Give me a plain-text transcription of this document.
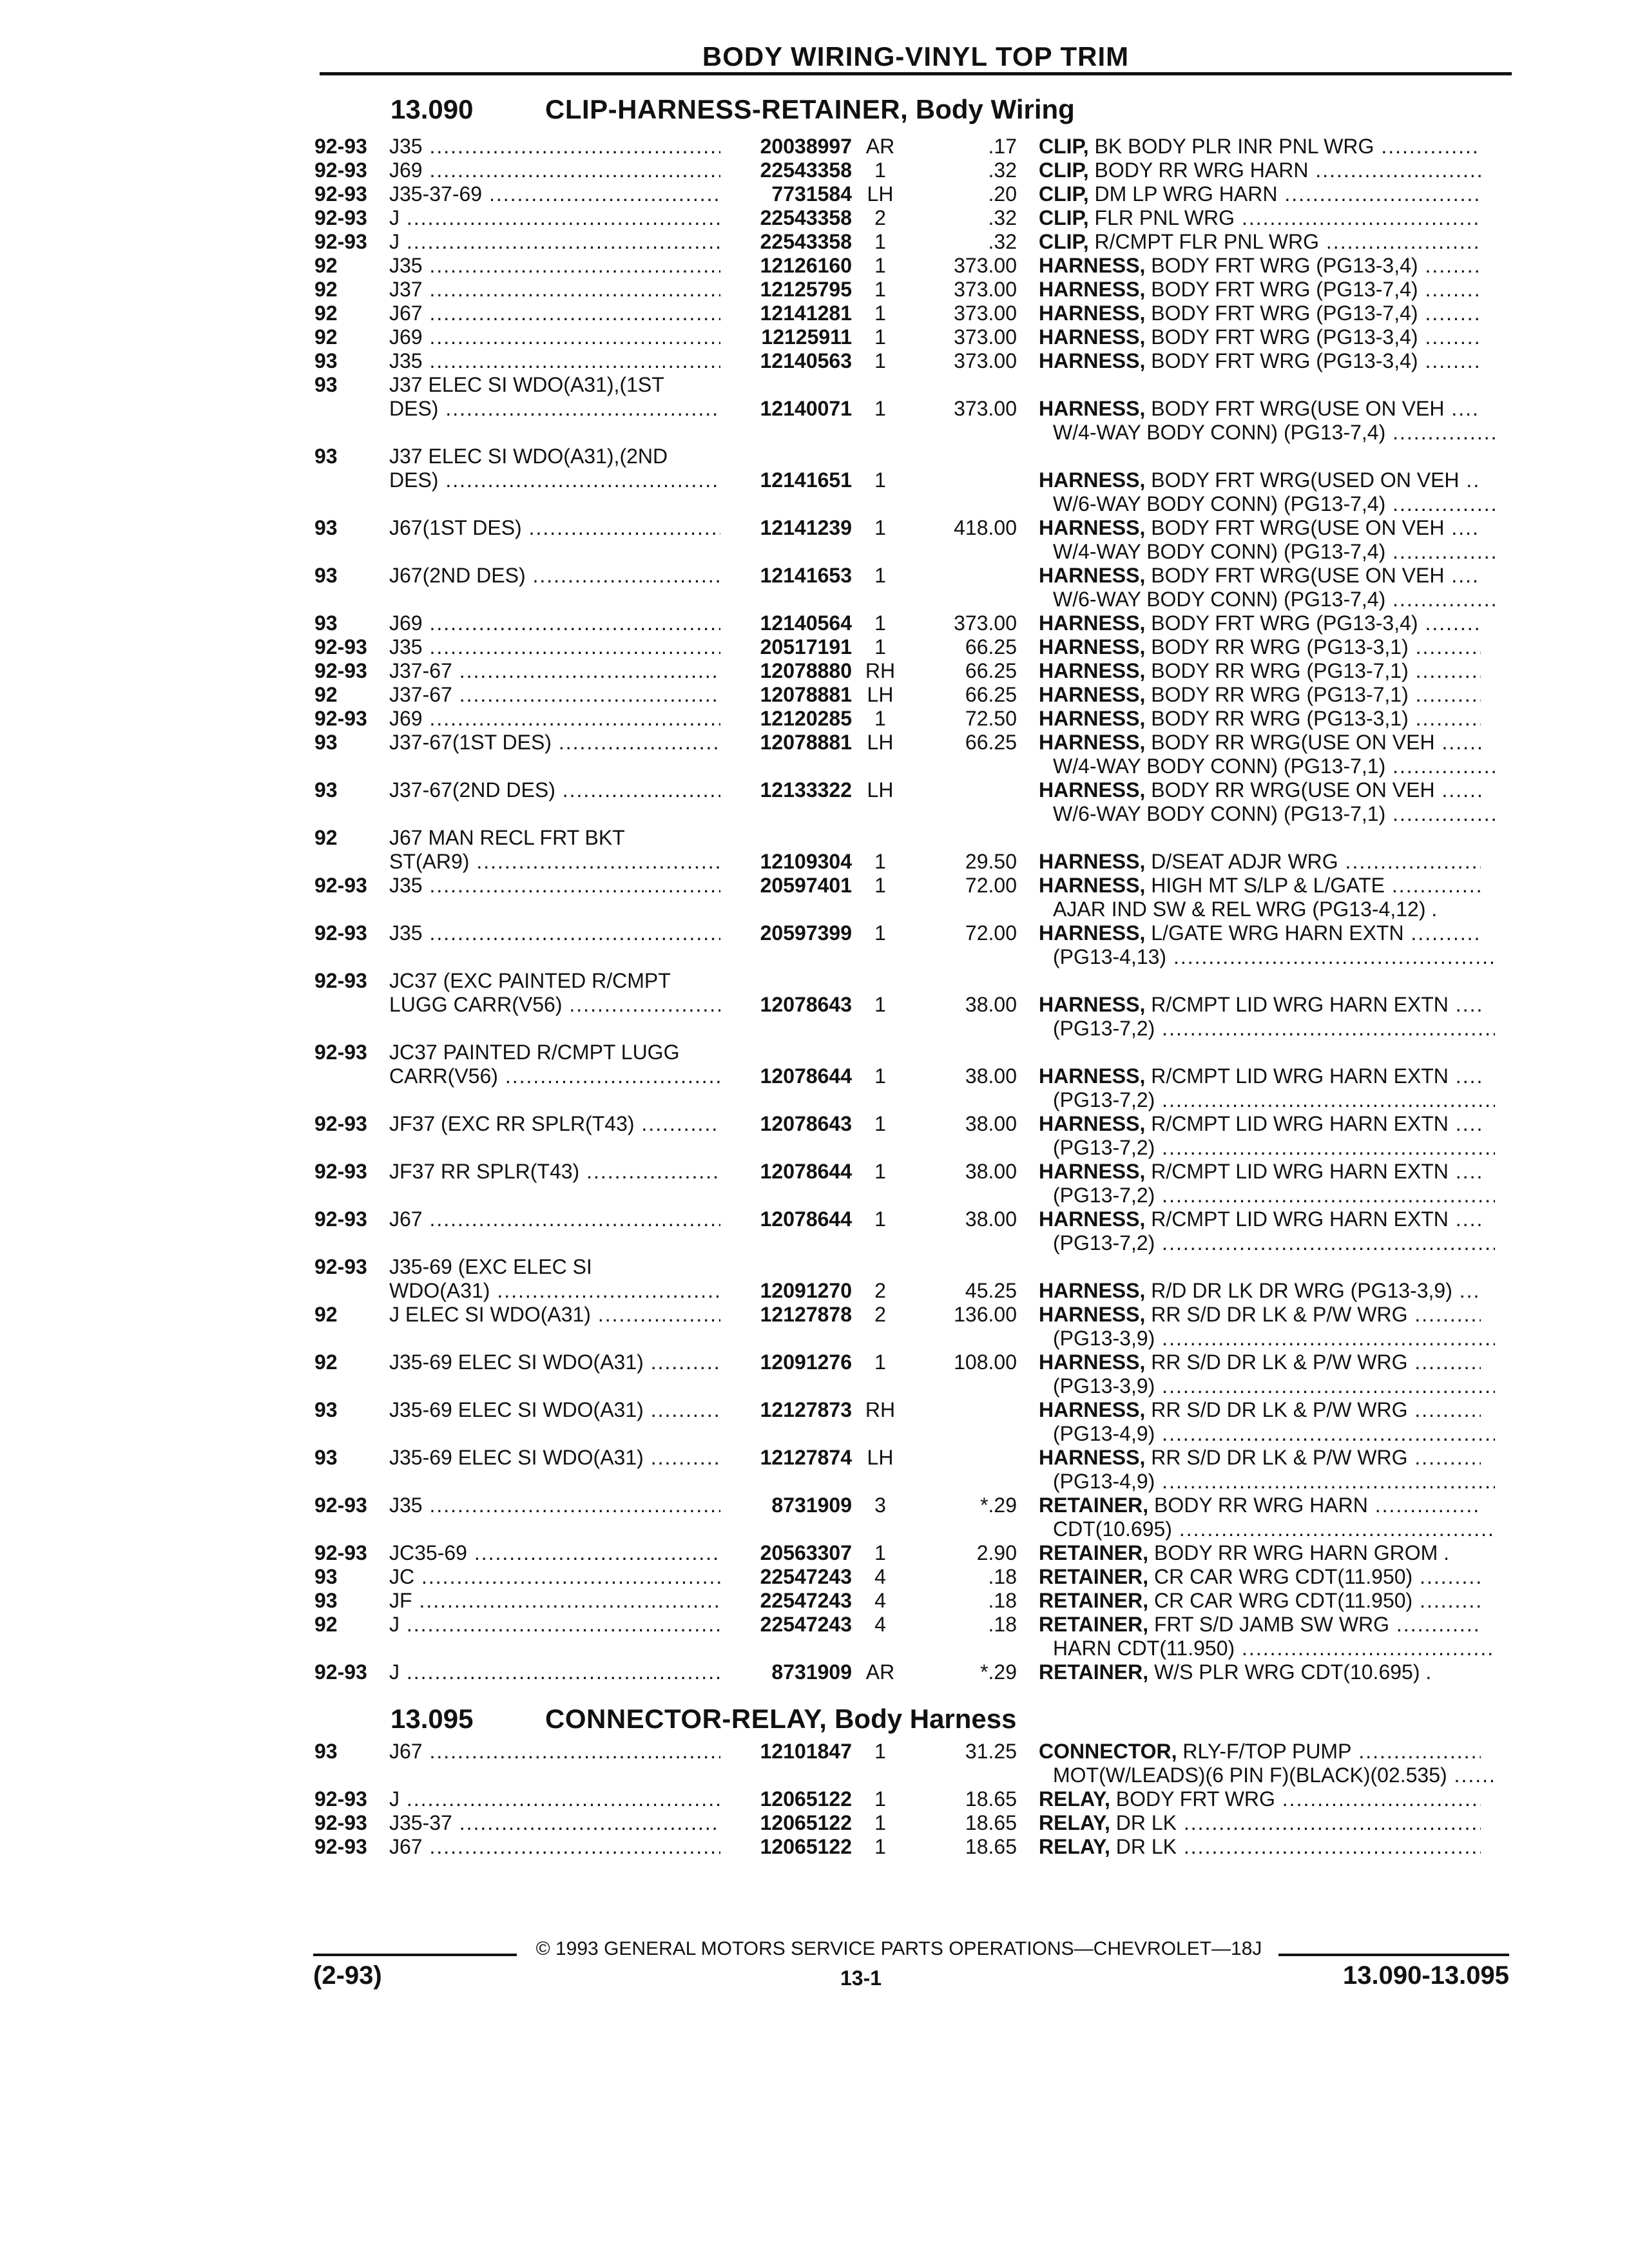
BODY WIRING-VINYL TOP TRIM
13.090	CLIP-HARNESS-RETAINER, Body Wiring
13.095	CONNECTOR-RELAY, Body Harness
92-93	J35 .....	20038997 AR	.17 CLIP, BK BODY PLR INR PNL WRG .....
92-93	J69 .....	22543358	1	.32 CLIP, BODY RR WRG HARN .....
92-93	J35-37-69 .....	7731584 LH	.20 CLIP, DM LP WRG HARN .....
92-93	J .....	22543358	2	.32 CLIP, FLR PNL WRG .....
92-93	J .....	22543358	1	.32 CLIP, R/CMPT FLR PNL WRG .....
92	J35 .....	12126160	1	373.00 HARNESS, BODY FRT WRG (PG13-3,4) .....
92	J37 .....	12125795	1	373.00 HARNESS, BODY FRT WRG (PG13-7,4) .....
92	J67 .....	12141281	1	373.00 HARNESS, BODY FRT WRG (PG13-7,4) .....
92	J69 .....	12125911	1	373.00 HARNESS, BODY FRT WRG (PG13-3,4) .....
93	J35 .....	12140563	1	373.00 HARNESS, BODY FRT WRG (PG13-3,4) .....
93	J37 ELEC SI WDO(A31),(1ST
DES) .....	12140071	1	373.00 HARNESS, BODY FRT WRG(USE ON VEH .....
W/4-WAY BODY CONN) (PG13-7,4) .....
93	J37 ELEC SI WDO(A31),(2ND
DES) .....	12141651	1	HARNESS, BODY FRT WRG(USED ON VEH .....
W/6-WAY BODY CONN) (PG13-7,4) .....
93	J67(1ST DES) .....	12141239	1	418.00 HARNESS, BODY FRT WRG(USE ON VEH .....
W/4-WAY BODY CONN) (PG13-7,4) .....
93	J67(2ND DES) .....	12141653	1	HARNESS, BODY FRT WRG(USE ON VEH .....
W/6-WAY BODY CONN) (PG13-7,4) .....
93	J69 .....	12140564	1	373.00 HARNESS, BODY FRT WRG (PG13-3,4) .....
92-93	J35 .....	20517191	1	66.25 HARNESS, BODY RR WRG (PG13-3,1) .....
92-93	J37-67 .....	12078880 RH	66.25 HARNESS, BODY RR WRG (PG13-7,1) .....
92	J37-67 .....	12078881 LH	66.25 HARNESS, BODY RR WRG (PG13-7,1) .....
92-93	J69 .....	12120285	1	72.50 HARNESS, BODY RR WRG (PG13-3,1) .....
93	J37-67(1ST DES) .....	12078881 LH	66.25 HARNESS, BODY RR WRG(USE ON VEH .....
W/4-WAY BODY CONN) (PG13-7,1) .....
93	J37-67(2ND DES) .....	12133322 LH	HARNESS, BODY RR WRG(USE ON VEH .....
W/6-WAY BODY CONN) (PG13-7,1) .....
92	J67 MAN RECL FRT BKT
ST(AR9) .....	12109304	1	29.50 HARNESS, D/SEAT ADJR WRG .....
92-93	J35 .....	20597401	1	72.00 HARNESS, HIGH MT S/LP & L/GATE .....
AJAR IND SW & REL WRG (PG13-4,12) .
92-93	J35 .....	20597399	1	72.00 HARNESS, L/GATE WRG HARN EXTN .....
(PG13-4,13) .....
92-93	JC37 (EXC PAINTED R/CMPT
LUGG CARR(V56) .....	12078643	1	38.00 HARNESS, R/CMPT LID WRG HARN EXTN .....
(PG13-7,2) .....
92-93	JC37 PAINTED R/CMPT LUGG
CARR(V56) .....	12078644	1	38.00 HARNESS, R/CMPT LID WRG HARN EXTN .....
(PG13-7,2) .....
92-93	JF37 (EXC RR SPLR(T43) .....	12078643	1	38.00 HARNESS, R/CMPT LID WRG HARN EXTN .....
(PG13-7,2) .....
92-93	JF37 RR SPLR(T43) .....	12078644	1	38.00 HARNESS, R/CMPT LID WRG HARN EXTN .....
(PG13-7,2) .....
92-93	J67 .....	12078644	1	38.00 HARNESS, R/CMPT LID WRG HARN EXTN .....
(PG13-7,2) .....
92-93	J35-69 (EXC ELEC SI
WDO(A31) .....	12091270	2	45.25 HARNESS, R/D DR LK DR WRG (PG13-3,9) .....
92	J ELEC SI WDO(A31) .....	12127878	2	136.00 HARNESS, RR S/D DR LK & P/W WRG .....
(PG13-3,9) .....
92	J35-69 ELEC SI WDO(A31) .....	12091276	1	108.00 HARNESS, RR S/D DR LK & P/W WRG .....
(PG13-3,9) .....
93	J35-69 ELEC SI WDO(A31) .....	12127873 RH	HARNESS, RR S/D DR LK & P/W WRG .....
(PG13-4,9) .....
93	J35-69 ELEC SI WDO(A31) .....	12127874 LH	HARNESS, RR S/D DR LK & P/W WRG .....
(PG13-4,9) .....
92-93	J35 .....	8731909	3	*.29 RETAINER, BODY RR WRG HARN .....
CDT(10.695) .....
92-93	JC35-69 .....	20563307	1	2.90 RETAINER, BODY RR WRG HARN GROM .
93	JC .....	22547243	4	.18 RETAINER, CR CAR WRG CDT(11.950) .....
93	JF .....	22547243	4	.18 RETAINER, CR CAR WRG CDT(11.950) .....
92	J .....	22547243	4	.18 RETAINER, FRT S/D JAMB SW WRG .....
HARN CDT(11.950) .....
92-93	J .....	8731909 AR	*.29 RETAINER, W/S PLR WRG CDT(10.695) .
93	J67 .....	12101847	1	31.25 CONNECTOR, RLY-F/TOP PUMP .....
MOT(W/LEADS)(6 PIN F)(BLACK)(02.535) .....
92-93	J .....	12065122	1	18.65 RELAY, BODY FRT WRG .....
92-93	J35-37 .....	12065122	1	18.65 RELAY, DR LK .....
92-93	J67 .....	12065122	1	18.65 RELAY, DR LK .....
© 1993 GENERAL MOTORS SERVICE PARTS OPERATIONS—CHEVROLET—18J
(2-93)	13-1	13.090-13.095
